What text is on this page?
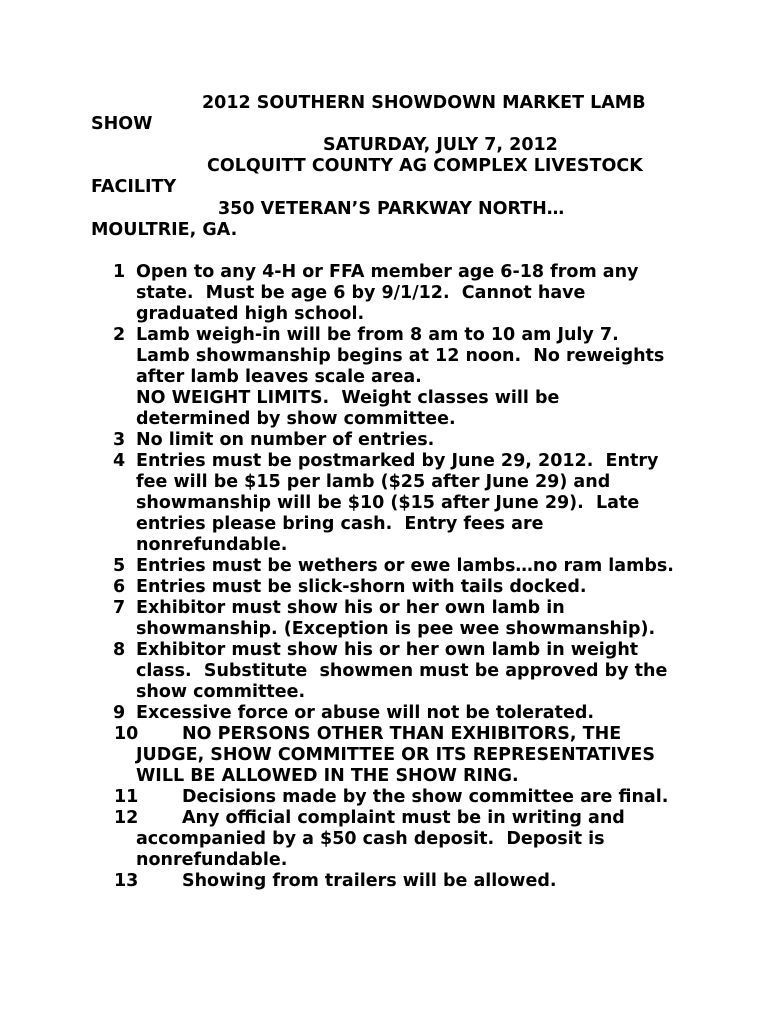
2012 SOUTHERN SHOWDOWN MARKET LAMB
SHOW
SATURDAY, JULY 7, 2012
COLQUITT COUNTY AG COMPLEX LIVESTOCK
FACILITY
350 VETERAN’S PARKWAY NORTH…
MOULTRIE, GA.
1 Open to any 4-H or FFA member age 6-18 from any
state.  Must be age 6 by 9/1/12.  Cannot have
graduated high school.
2 Lamb weigh-in will be from 8 am to 10 am July 7.
Lamb showmanship begins at 12 noon.  No reweights
after lamb leaves scale area.
NO WEIGHT LIMITS.  Weight classes will be
determined by show committee.
3 No limit on number of entries.
4 Entries must be postmarked by June 29, 2012.  Entry
fee will be $15 per lamb ($25 after June 29) and
showmanship will be $10 ($15 after June 29).  Late
entries please bring cash.  Entry fees are
nonrefundable.
5 Entries must be wethers or ewe lambs…no ram lambs.
6 Entries must be slick-shorn with tails docked.
7 Exhibitor must show his or her own lamb in
showmanship. (Exception is pee wee showmanship).
8 Exhibitor must show his or her own lamb in weight
class.  Substitute  showmen must be approved by the
show committee.
9 Excessive force or abuse will not be tolerated.
10	NO PERSONS OTHER THAN EXHIBITORS, THE
JUDGE, SHOW COMMITTEE OR ITS REPRESENTATIVES
WILL BE ALLOWED IN THE SHOW RING.
11	Decisions made by the show committee are final.
12	Any official complaint must be in writing and
accompanied by a $50 cash deposit.  Deposit is
nonrefundable.
13	Showing from trailers will be allowed.
